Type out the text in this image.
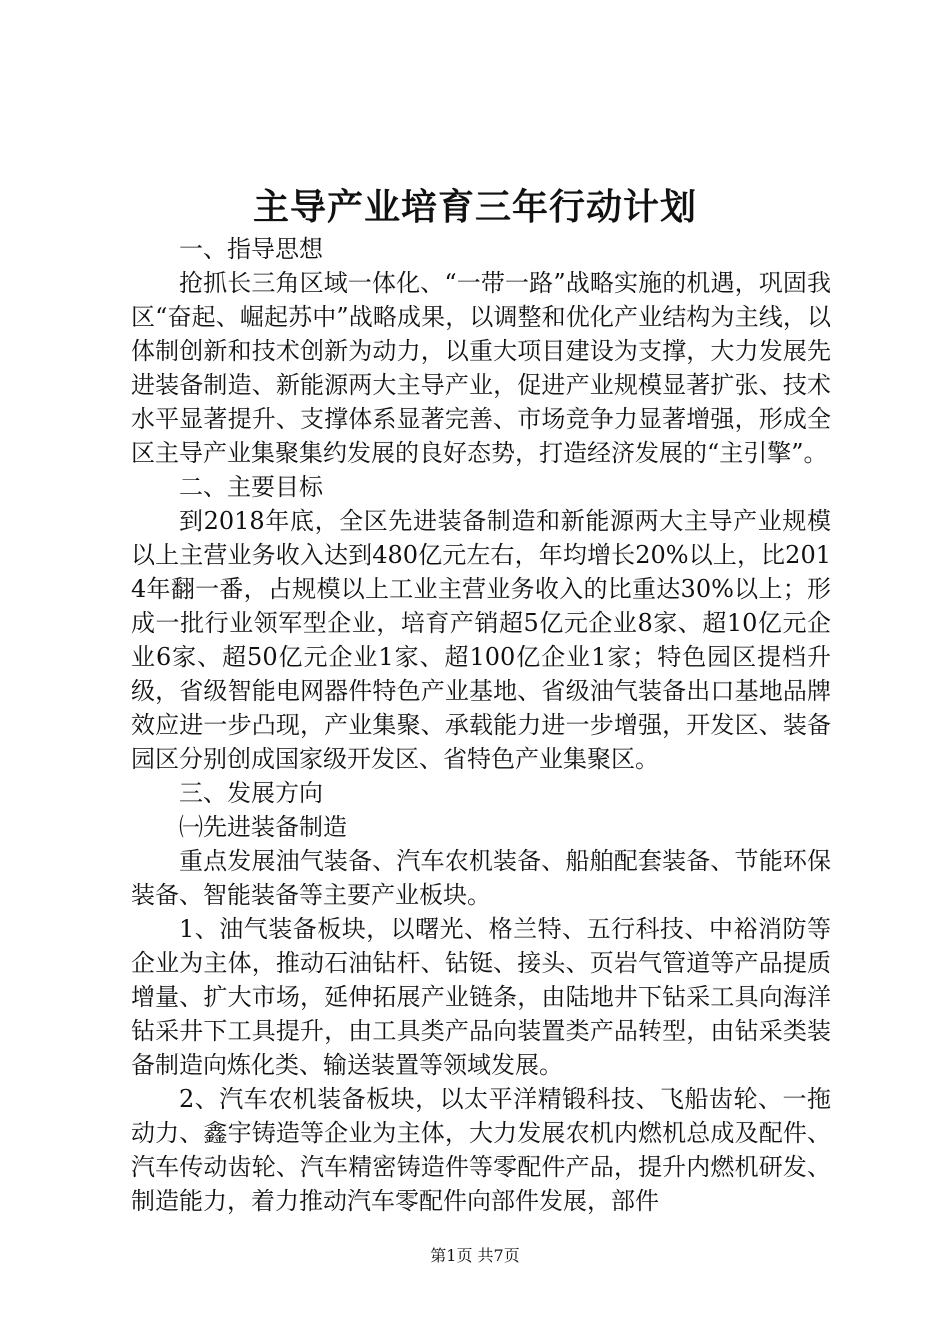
主导产业培育三年行动计划

一、指导思想

抢抓长三角区域一体化、“一带一路”战略实施的机遇，巩固我区“奋起、崛起苏中”战略成果，以调整和优化产业结构为主线，以体制创新和技术创新为动力，以重大项目建设为支撑，大力发展先进装备制造、新能源两大主导产业，促进产业规模显著扩张、技术水平显著提升、支撑体系显著完善、市场竞争力显著增强，形成全区主导产业集聚集约发展的良好态势，打造经济发展的“主引擎”。

二、主要目标

到2018年底，全区先进装备制造和新能源两大主导产业规模以上主营业务收入达到480亿元左右，年均增长20%以上，比2014年翻一番，占规模以上工业主营业务收入的比重达30%以上；形成一批行业领军型企业，培育产销超5亿元企业8家、超10亿元企业6家、超50亿元企业1家、超100亿企业1家；特色园区提档升级，省级智能电网器件特色产业基地、省级油气装备出口基地品牌效应进一步凸现，产业集聚、承载能力进一步增强，开发区、装备园区分别创成国家级开发区、省特色产业集聚区。

三、发展方向

㈠先进装备制造

重点发展油气装备、汽车农机装备、船舶配套装备、节能环保装备、智能装备等主要产业板块。

1、油气装备板块，以曙光、格兰特、五行科技、中裕消防等企业为主体，推动石油钻杆、钻铤、接头、页岩气管道等产品提质增量、扩大市场，延伸拓展产业链条，由陆地井下钻采工具向海洋钻采井下工具提升，由工具类产品向装置类产品转型，由钻采类装备制造向炼化类、输送装置等领域发展。

2、汽车农机装备板块，以太平洋精锻科技、飞船齿轮、一拖动力、鑫宇铸造等企业为主体，大力发展农机内燃机总成及配件、汽车传动齿轮、汽车精密铸造件等零配件产品，提升内燃机研发、制造能力，着力推动汽车零配件向部件发展，部件

第1页 共7页
